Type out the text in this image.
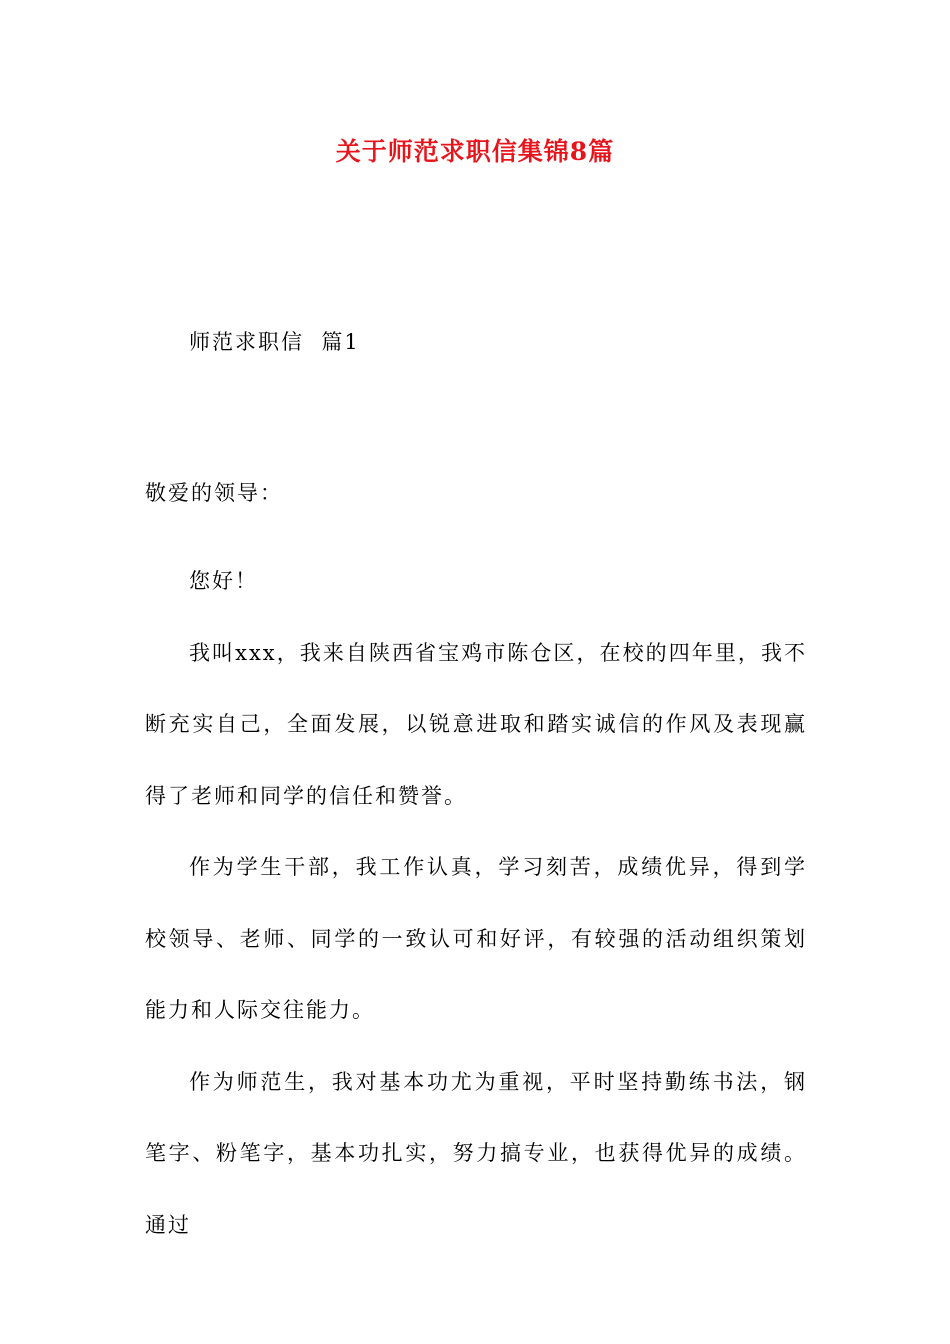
关于师范求职信集锦8篇
师范求职信  篇1
敬爱的领导：

您好！

我叫xxx，我来自陕西省宝鸡市陈仓区，在校的四年里，我不断充实自己，全面发展，以锐意进取和踏实诚信的作风及表现赢得了老师和同学的信任和赞誉。

作为学生干部，我工作认真，学习刻苦，成绩优异，得到学校领导、老师、同学的一致认可和好评，有较强的活动组织策划能力和人际交往能力。

作为师范生，我对基本功尤为重视，平时坚持勤练书法，钢笔字、粉笔字，基本功扎实，努力搞专业，也获得优异的成绩。通过
